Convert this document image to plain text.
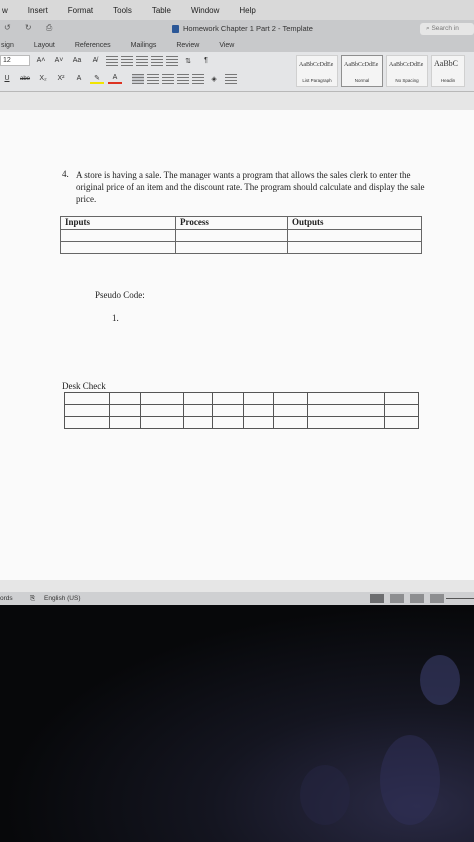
w	Insert	Format	Tools	Table	Window	Help
↺ ↻ ⎙	Homework Chapter 1 Part 2 - Template	⌕ Search in
sign	Layout	References	Mailings	Review	View
12	A˄	A˅	Aa	A̸	⇅	¶
U	abe	X₂	X²	A	✎	A	◈
AaBbCcDdEe
List Paragraph
AaBbCcDdEe
Normal
AaBbCcDdEe
No Spacing
AaBbC
Headin
4. A store is having a sale. The manager wants a program that allows the sales clerk to enter the original price of an item and the discount rate. The program should calculate and display the sale price.
Inputs	Process	Outputs

Pseudo Code:
1.
Desk Check

ords	⎘ English (US)
